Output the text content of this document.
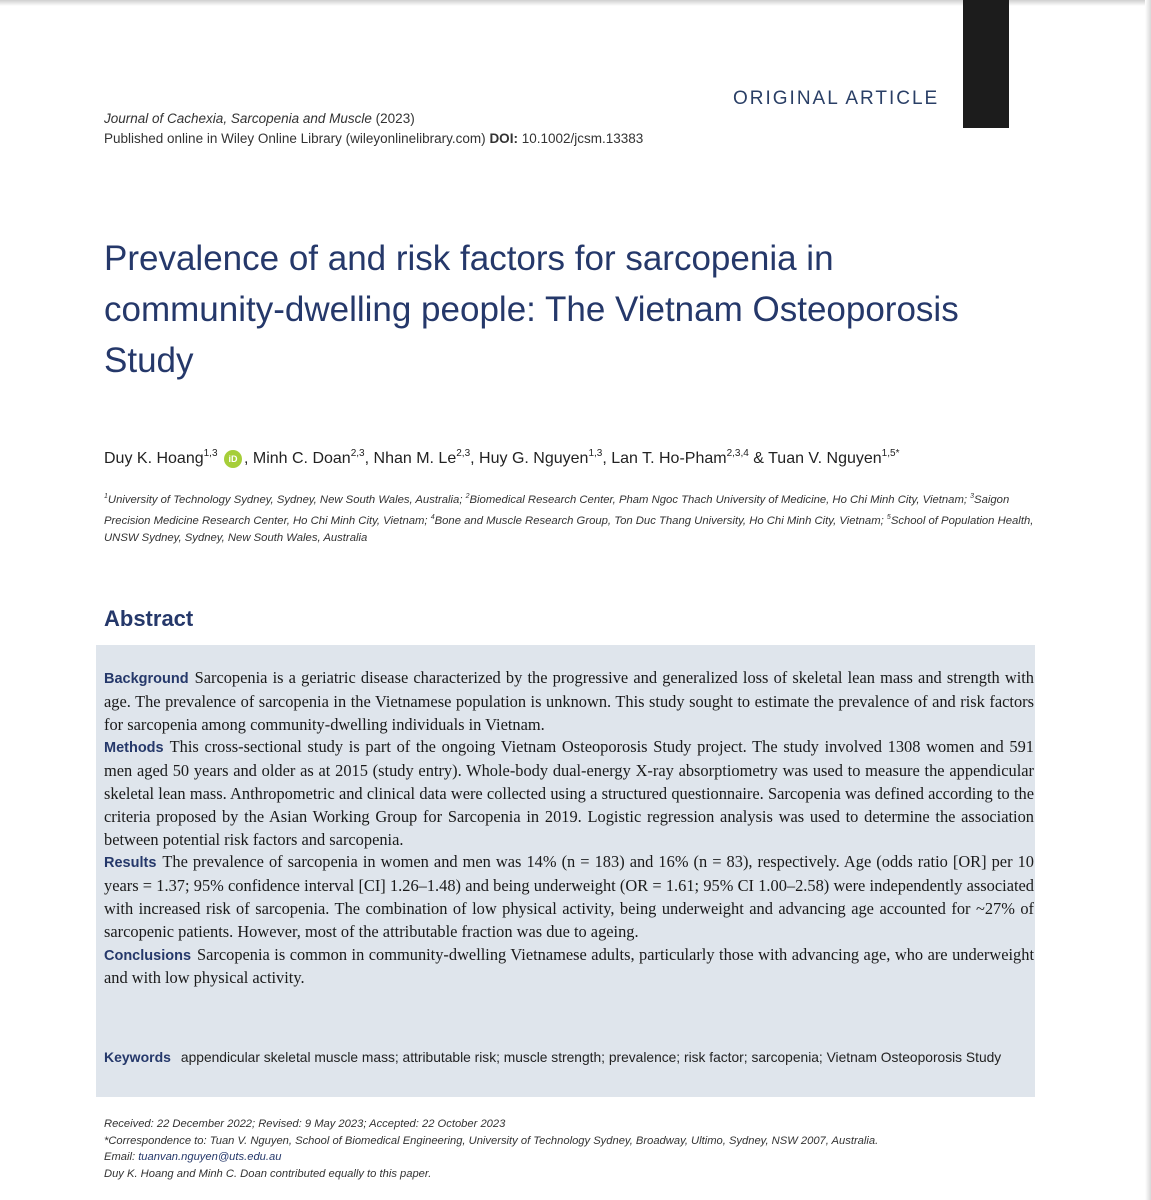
ORIGINAL ARTICLE
Journal of Cachexia, Sarcopenia and Muscle (2023)
Published online in Wiley Online Library (wileyonlinelibrary.com) DOI: 10.1002/jcsm.13383
Prevalence of and risk factors for sarcopenia in community-dwelling people: The Vietnam Osteoporosis Study
Duy K. Hoang$^{1,3}$ iD , Minh C. Doan$^{2,3}$, Nhan M. Le$^{2,3}$, Huy G. Nguyen$^{1,3}$, Lan T. Ho-Pham$^{2,3,4}$ & Tuan V. Nguyen$^{1,5*}$
$^1$University of Technology Sydney, Sydney, New South Wales, Australia; $^2$Biomedical Research Center, Pham Ngoc Thach University of Medicine, Ho Chi Minh City, Vietnam; $^3$Saigon Precision Medicine Research Center, Ho Chi Minh City, Vietnam; $^4$Bone and Muscle Research Group, Ton Duc Thang University, Ho Chi Minh City, Vietnam; $^5$School of Population Health, UNSW Sydney, Sydney, New South Wales, Australia
Abstract

Background Sarcopenia is a geriatric disease characterized by the progressive and generalized loss of skeletal lean mass and strength with age. The prevalence of sarcopenia in the Vietnamese population is unknown. This study sought to estimate the prevalence of and risk factors for sarcopenia among community-dwelling individuals in Vietnam.

Methods This cross-sectional study is part of the ongoing Vietnam Osteoporosis Study project. The study involved 1308 women and 591 men aged 50 years and older as at 2015 (study entry). Whole-body dual-energy X-ray absorptiometry was used to measure the appendicular skeletal lean mass. Anthropometric and clinical data were collected using a structured questionnaire. Sarcopenia was defined according to the criteria proposed by the Asian Working Group for Sarcopenia in 2019. Logistic regression analysis was used to determine the association between potential risk factors and sarcopenia.

Results The prevalence of sarcopenia in women and men was 14% (n = 183) and 16% (n = 83), respectively. Age (odds ratio [OR] per 10 years = 1.37; 95% confidence interval [CI] 1.26–1.48) and being underweight (OR = 1.61; 95% CI 1.00–2.58) were independently associated with increased risk of sarcopenia. The combination of low physical activity, being underweight and advancing age accounted for ~27% of sarcopenic patients. However, most of the attributable fraction was due to ageing.

Conclusions Sarcopenia is common in community-dwelling Vietnamese adults, particularly those with advancing age, who are underweight and with low physical activity.

Keywords appendicular skeletal muscle mass; attributable risk; muscle strength; prevalence; risk factor; sarcopenia; Vietnam Osteoporosis Study

Received: 22 December 2022; Revised: 9 May 2023; Accepted: 22 October 2023

*Correspondence to: Tuan V. Nguyen, School of Biomedical Engineering, University of Technology Sydney, Broadway, Ultimo, Sydney, NSW 2007, Australia.

Email: tuanvan.nguyen@uts.edu.au

Duy K. Hoang and Minh C. Doan contributed equally to this paper.
